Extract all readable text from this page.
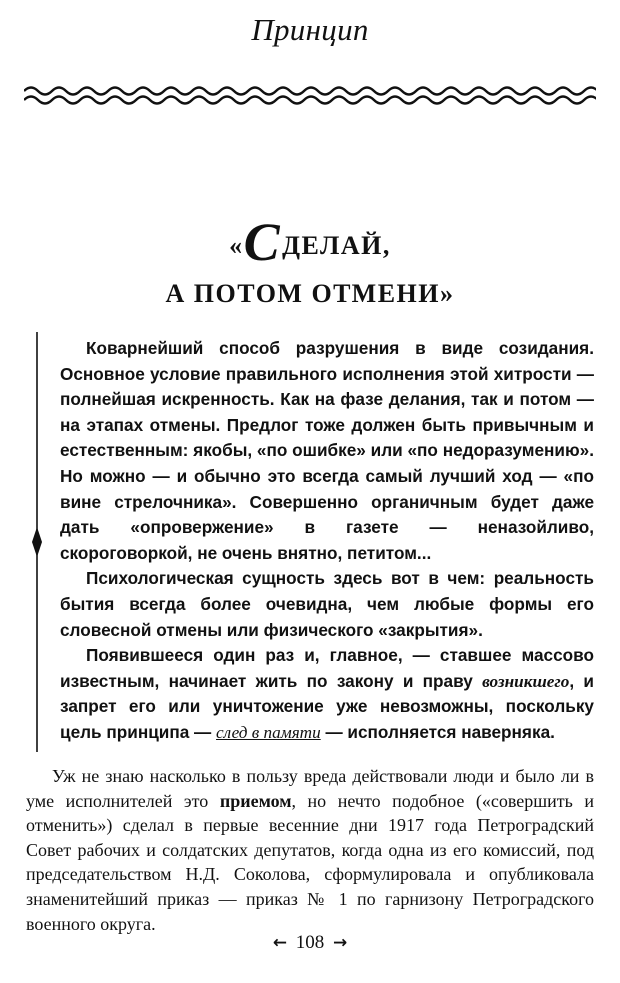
Принцип
«СДЕЛАЙ,
А ПОТОМ ОТМЕНИ»

Коварнейший способ разрушения в виде созидания. Основное условие правильного исполнения этой хитрости — полнейшая искренность. Как на фазе делания, так и потом — на этапах отмены. Предлог тоже должен быть привычным и естественным: якобы, «по ошибке» или «по недоразумению». Но можно — и обычно это всегда самый лучший ход — «по вине стрелочника». Совершенно органичным будет даже дать «опровержение» в газете — неназойливо, скороговоркой, не очень внятно, петитом...

Психологическая сущность здесь вот в чем: реальность бытия всегда более очевидна, чем любые формы его словесной отмены или физического «закрытия».

Появившееся один раз и, главное, — ставшее массово известным, начинает жить по закону и праву возникшего, и запрет его или уничтожение уже невозможны, поскольку цель принципа — след в памяти — исполняется наверняка.

Уж не знаю насколько в пользу вреда действовали люди и было ли в уме исполнителей это приемом, но нечто подобное («совершить и отменить») сделал в первые весенние дни 1917 года Петроградский Совет рабочих и солдатских депутатов, когда одна из его комиссий, под председательством Н.Д. Соколова, сформулировала и опубликовала знаменитейший приказ — приказ № 1 по гарнизону Петроградского военного округа.

← 108 →
